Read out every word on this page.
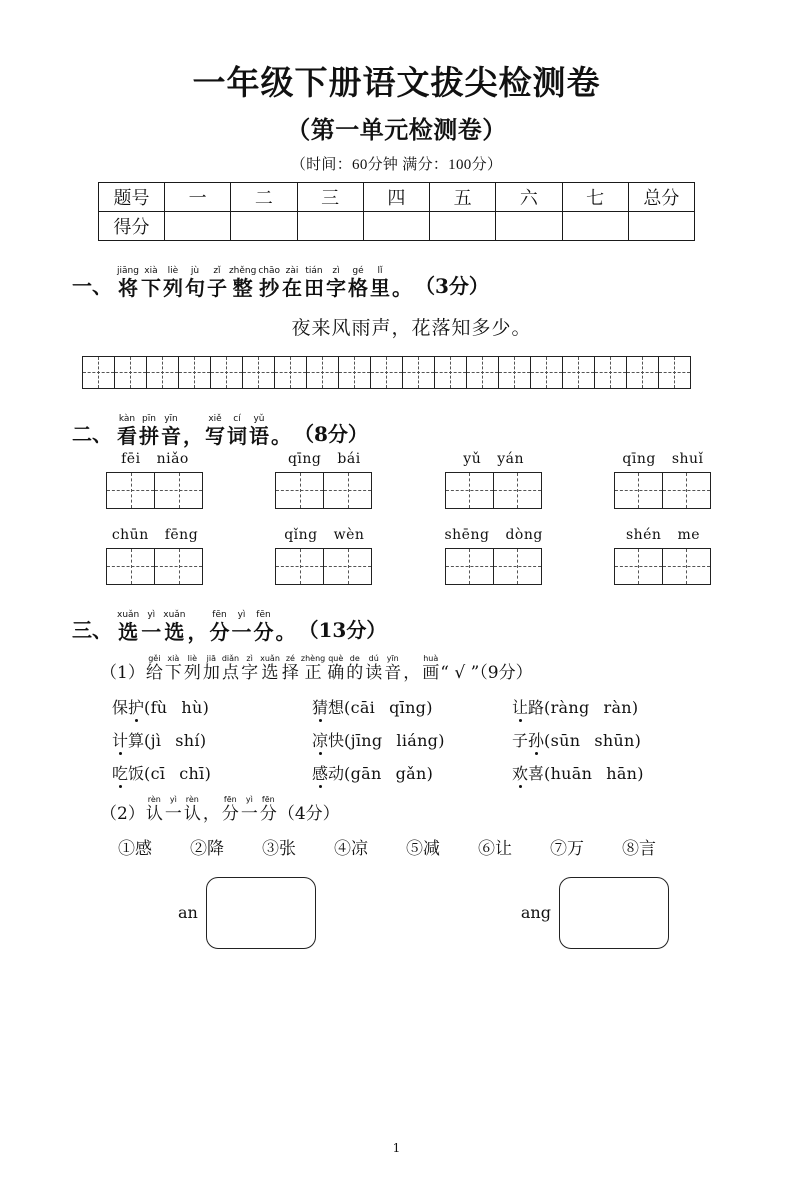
一年级下册语文拔尖检测卷
（第一单元检测卷）
（时间：60分钟 满分：100分）
题号	一	二	三	四	五	六	七	总分
得分								
一、
jiāng
将
xià
下
liè
列
jù
句
zǐ
子
zhěng
整
chāo
抄
zài
在
tián
田
zì
字
gé
格
lǐ
里 。 （3分）
夜来风雨声，花落知多少。
二、
kàn
看
pīn
拼
yīn
音 ，
xiě
写
cí
词
yǔ
语 。 （8分）
fēi niǎo	qīng bái	yǔ yán	qīng shuǐ
chūn fēng	qǐng wèn	shēng dòng	shén me
三、
xuǎn
选
yì
一
xuǎn
选 ，
fēn
分
yì
一
fēn
分 。 （13分）
（1）
gěi
给
xià
下
liè
列
jiā
加
diǎn
点
zì
字
xuǎn
选
zé
择
zhèng
正
què
确
de
的
dú
读
yīn
音 ，
huà
画 “ √ ”（9分）
保护(fù hù)	猜想(cāi qīng)	让路(ràng ràn)
计算(jì shí)	凉快(jīng liáng)	子孙(sūn shūn)
吃饭(cī chī)	感动(gān gǎn)	欢喜(huān hān)
（2）
rèn
认
yì
一
rèn
认 ，
fēn
分
yì
一
fēn
分 （4分）
①感	②降	③张	④凉	⑤减	⑥让	⑦万	⑧言
an	ang
1
